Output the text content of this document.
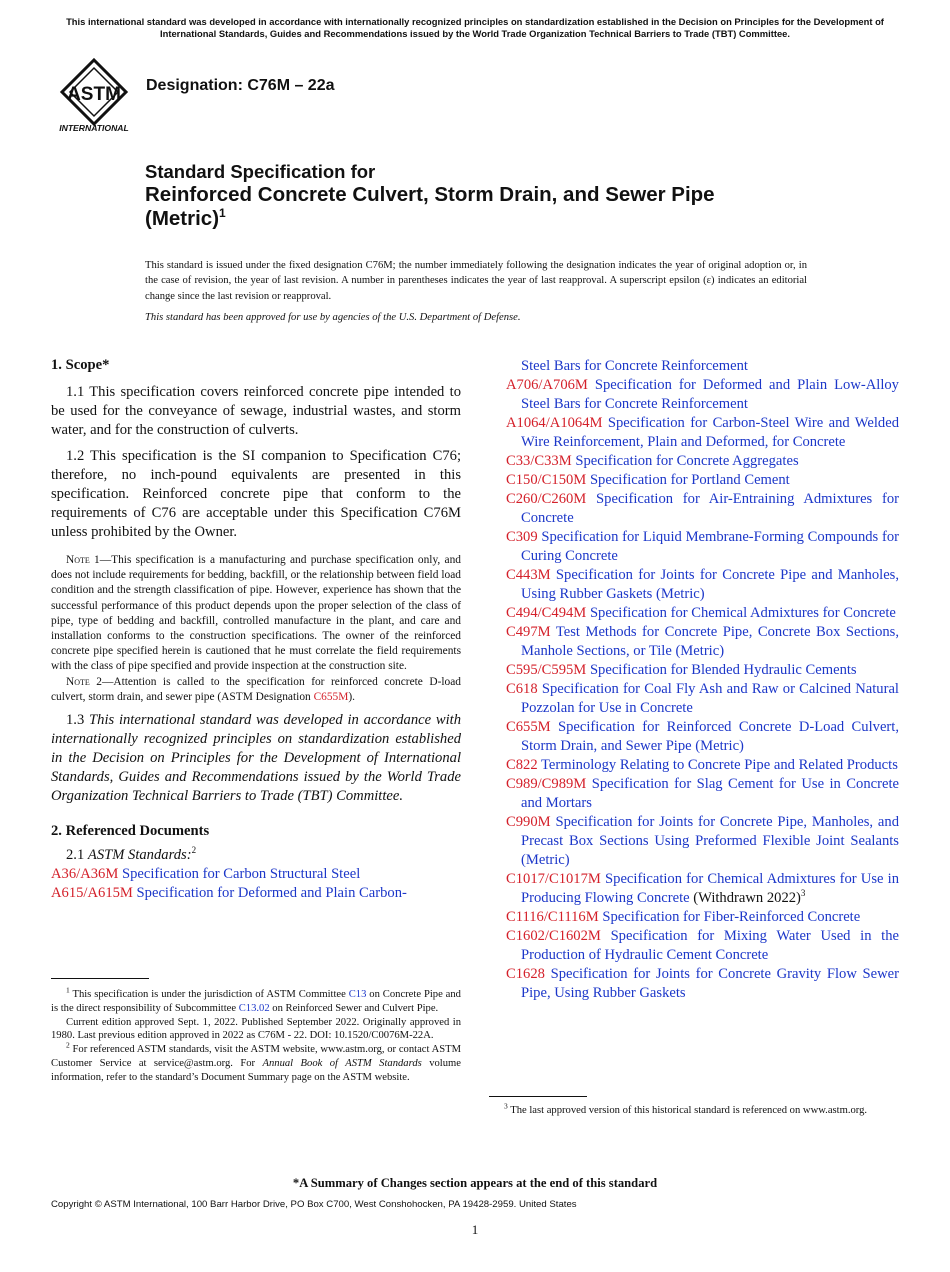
This international standard was developed in accordance with internationally recognized principles on standardization established in the Decision on Principles for the Development of International Standards, Guides and Recommendations issued by the World Trade Organization Technical Barriers to Trade (TBT) Committee.
ASTM
INTERNATIONAL
Designation: C76M – 22a
Standard Specification for
Reinforced Concrete Culvert, Storm Drain, and Sewer Pipe
(Metric)$^1$

This standard is issued under the fixed designation C76M; the number immediately following the designation indicates the year of original adoption or, in the case of revision, the year of last revision. A number in parentheses indicates the year of last reapproval. A superscript epsilon (ε) indicates an editorial change since the last revision or reapproval.

This standard has been approved for use by agencies of the U.S. Department of Defense.

1. Scope*

1.1 This specification covers reinforced concrete pipe intended to be used for the conveyance of sewage, industrial wastes, and storm water, and for the construction of culverts.

1.2 This specification is the SI companion to Specification C76; therefore, no inch-pound equivalents are presented in this specification. Reinforced concrete pipe that conform to the requirements of C76 are acceptable under this Specification C76M unless prohibited by the Owner.

Note 1—This specification is a manufacturing and purchase specification only, and does not include requirements for bedding, backfill, or the relationship between field load condition and the strength classification of pipe. However, experience has shown that the successful performance of this product depends upon the proper selection of the class of pipe, type of bedding and backfill, controlled manufacture in the plant, and care and installation conforms to the construction specifications. The owner of the reinforced concrete pipe specified herein is cautioned that he must correlate the field requirements with the class of pipe specified and provide inspection at the construction site.

Note 2—Attention is called to the specification for reinforced concrete D-load culvert, storm drain, and sewer pipe (ASTM Designation C655M).

1.3 This international standard was developed in accordance with internationally recognized principles on standardization established in the Decision on Principles for the Development of International Standards, Guides and Recommendations issued by the World Trade Organization Technical Barriers to Trade (TBT) Committee.

2. Referenced Documents

2.1 ASTM Standards:$^2$

A36/A36M Specification for Carbon Structural Steel

A615/A615M Specification for Deformed and Plain Carbon-

$^1$ This specification is under the jurisdiction of ASTM Committee C13 on Concrete Pipe and is the direct responsibility of Subcommittee C13.02 on Reinforced Sewer and Culvert Pipe.

Current edition approved Sept. 1, 2022. Published September 2022. Originally approved in 1980. Last previous edition approved in 2022 as C76M - 22. DOI: 10.1520/C0076M-22A.

$^2$ For referenced ASTM standards, visit the ASTM website, www.astm.org, or contact ASTM Customer Service at service@astm.org. For Annual Book of ASTM Standards volume information, refer to the standard’s Document Summary page on the ASTM website.

Steel Bars for Concrete Reinforcement

A706/A706M Specification for Deformed and Plain Low-Alloy Steel Bars for Concrete Reinforcement

A1064/A1064M Specification for Carbon-Steel Wire and Welded Wire Reinforcement, Plain and Deformed, for Concrete

C33/C33M Specification for Concrete Aggregates

C150/C150M Specification for Portland Cement

C260/C260M Specification for Air-Entraining Admixtures for Concrete

C309 Specification for Liquid Membrane-Forming Compounds for Curing Concrete

C443M Specification for Joints for Concrete Pipe and Manholes, Using Rubber Gaskets (Metric)

C494/C494M Specification for Chemical Admixtures for Concrete

C497M Test Methods for Concrete Pipe, Concrete Box Sections, Manhole Sections, or Tile (Metric)

C595/C595M Specification for Blended Hydraulic Cements

C618 Specification for Coal Fly Ash and Raw or Calcined Natural Pozzolan for Use in Concrete

C655M Specification for Reinforced Concrete D-Load Culvert, Storm Drain, and Sewer Pipe (Metric)

C822 Terminology Relating to Concrete Pipe and Related Products

C989/C989M Specification for Slag Cement for Use in Concrete and Mortars

C990M Specification for Joints for Concrete Pipe, Manholes, and Precast Box Sections Using Preformed Flexible Joint Sealants (Metric)

C1017/C1017M Specification for Chemical Admixtures for Use in Producing Flowing Concrete (Withdrawn 2022)$^3$

C1116/C1116M Specification for Fiber-Reinforced Concrete

C1602/C1602M Specification for Mixing Water Used in the Production of Hydraulic Cement Concrete

C1628 Specification for Joints for Concrete Gravity Flow Sewer Pipe, Using Rubber Gaskets

$^3$ The last approved version of this historical standard is referenced on www.astm.org.

*A Summary of Changes section appears at the end of this standard
Copyright © ASTM International, 100 Barr Harbor Drive, PO Box C700, West Conshohocken, PA 19428-2959. United States
1
